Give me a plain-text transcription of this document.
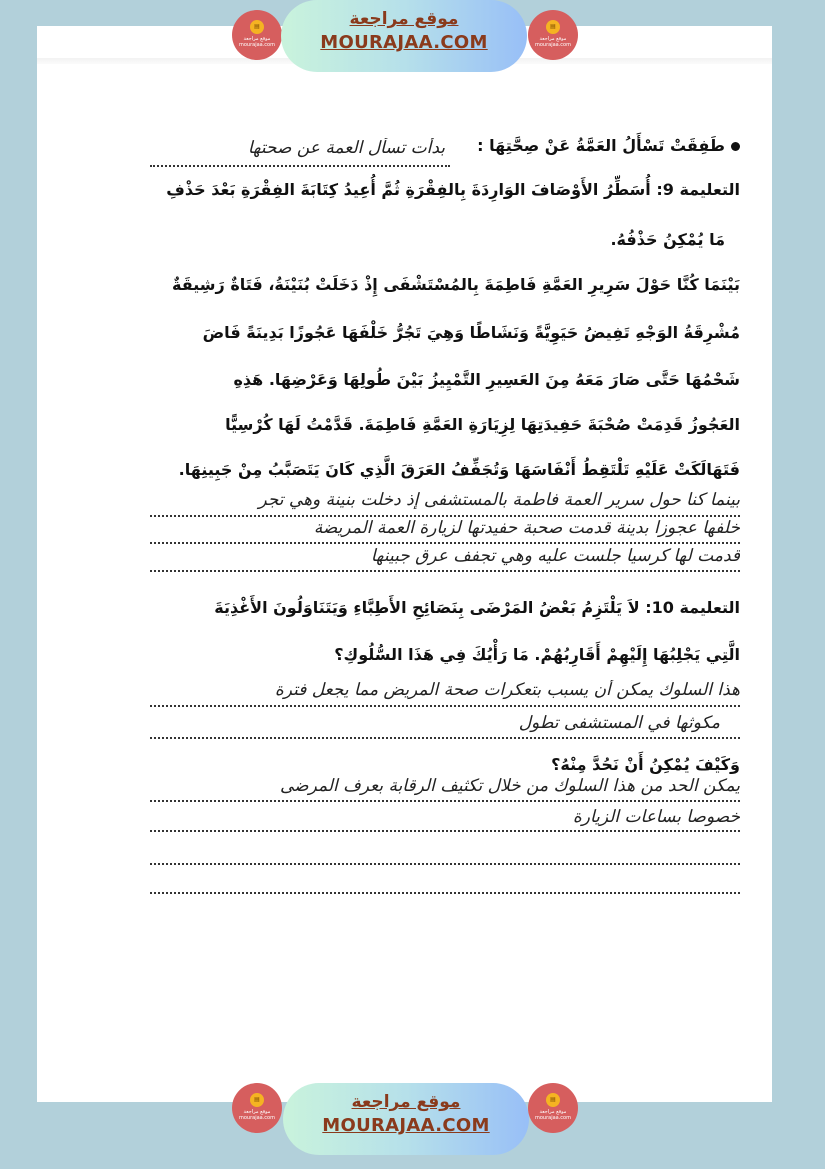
▤
موقع مراجعة mourajaa.com
موقع مراجعة
MOURAJAA.COM
▤
موقع مراجعة mourajaa.com
طَفِقَتْ تَسْأَلُ العَمَّةُ عَنْ صِحَّتِهَا :
بدأت تسأل العمة عن صحتها
التعليمة 9: أُسَطِّرُ الأَوْصَافَ الوَارِدَةَ بِالفِقْرَةِ ثُمَّ أُعِيدُ كِتَابَةَ الفِقْرَةِ بَعْدَ حَذْفِ
مَا يُمْكِنُ حَذْفُهُ.
بَيْنَمَا كُنَّا حَوْلَ سَرِيرِ العَمَّةِ فَاطِمَةَ بِالمُسْتَشْفَى إِذْ دَخَلَتْ بُنَيْنَةُ، فَتَاةٌ رَشِيقَةٌ
مُشْرِقَةُ الوَجْهِ تَفِيضُ حَيَوِيَّةً وَنَشَاطًا وَهِيَ تَجُرُّ خَلْفَهَا عَجُوزًا بَدِينَةً فَاضَ
شَحْمُهَا حَتَّى صَارَ مَعَهُ مِنَ العَسِيرِ التَّمْيِيزُ بَيْنَ طُولِهَا وَعَرْضِهَا. هَذِهِ
العَجُوزُ قَدِمَتْ صُحْبَةَ حَفِيدَتِهَا لِزِيَارَةِ العَمَّةِ فَاطِمَةَ. قَدَّمْتُ لَهَا كُرْسِيًّا
فَتَهَالَكَتْ عَلَيْهِ تَلْتَقِطُ أَنْفَاسَهَا وَتُجَفِّفُ العَرَقَ الَّذِي كَانَ يَتَصَبَّبُ مِنْ جَبِينِهَا.
بينما كنا حول سرير العمة فاطمة بالمستشفى إذ دخلت بنينة وهي تجر
خلفها عجوزا بدينة قدمت صحبة حفيدتها لزيارة العمة المريضة
قدمت لها كرسيا جلست عليه وهي تجفف عرق جبينها
التعليمة 10: لاَ يَلْتَزِمُ بَعْضُ المَرْضَى بِنَصَائِحِ الأَطِبَّاءِ وَيَتَنَاوَلُونَ الأَغْذِيَةَ
الَّتِي يَجْلِبُهَا إِلَيْهِمْ أَقَارِبُهُمْ. مَا رَأْيُكَ فِي هَذَا السُّلُوكِ؟
هذا السلوك يمكن أن يسبب بتعكرات صحة المريض مما يجعل فترة
مكوثها في المستشفى تطول
وَكَيْفَ يُمْكِنُ أَنْ نَحُدَّ مِنْهُ؟
يمكن الحد من هذا السلوك من خلال تكثيف الرقابة بعرف المرضى
خصوصا بساعات الزيارة
▤
موقع مراجعة mourajaa.com
موقع مراجعة
MOURAJAA.COM
▤
موقع مراجعة mourajaa.com
